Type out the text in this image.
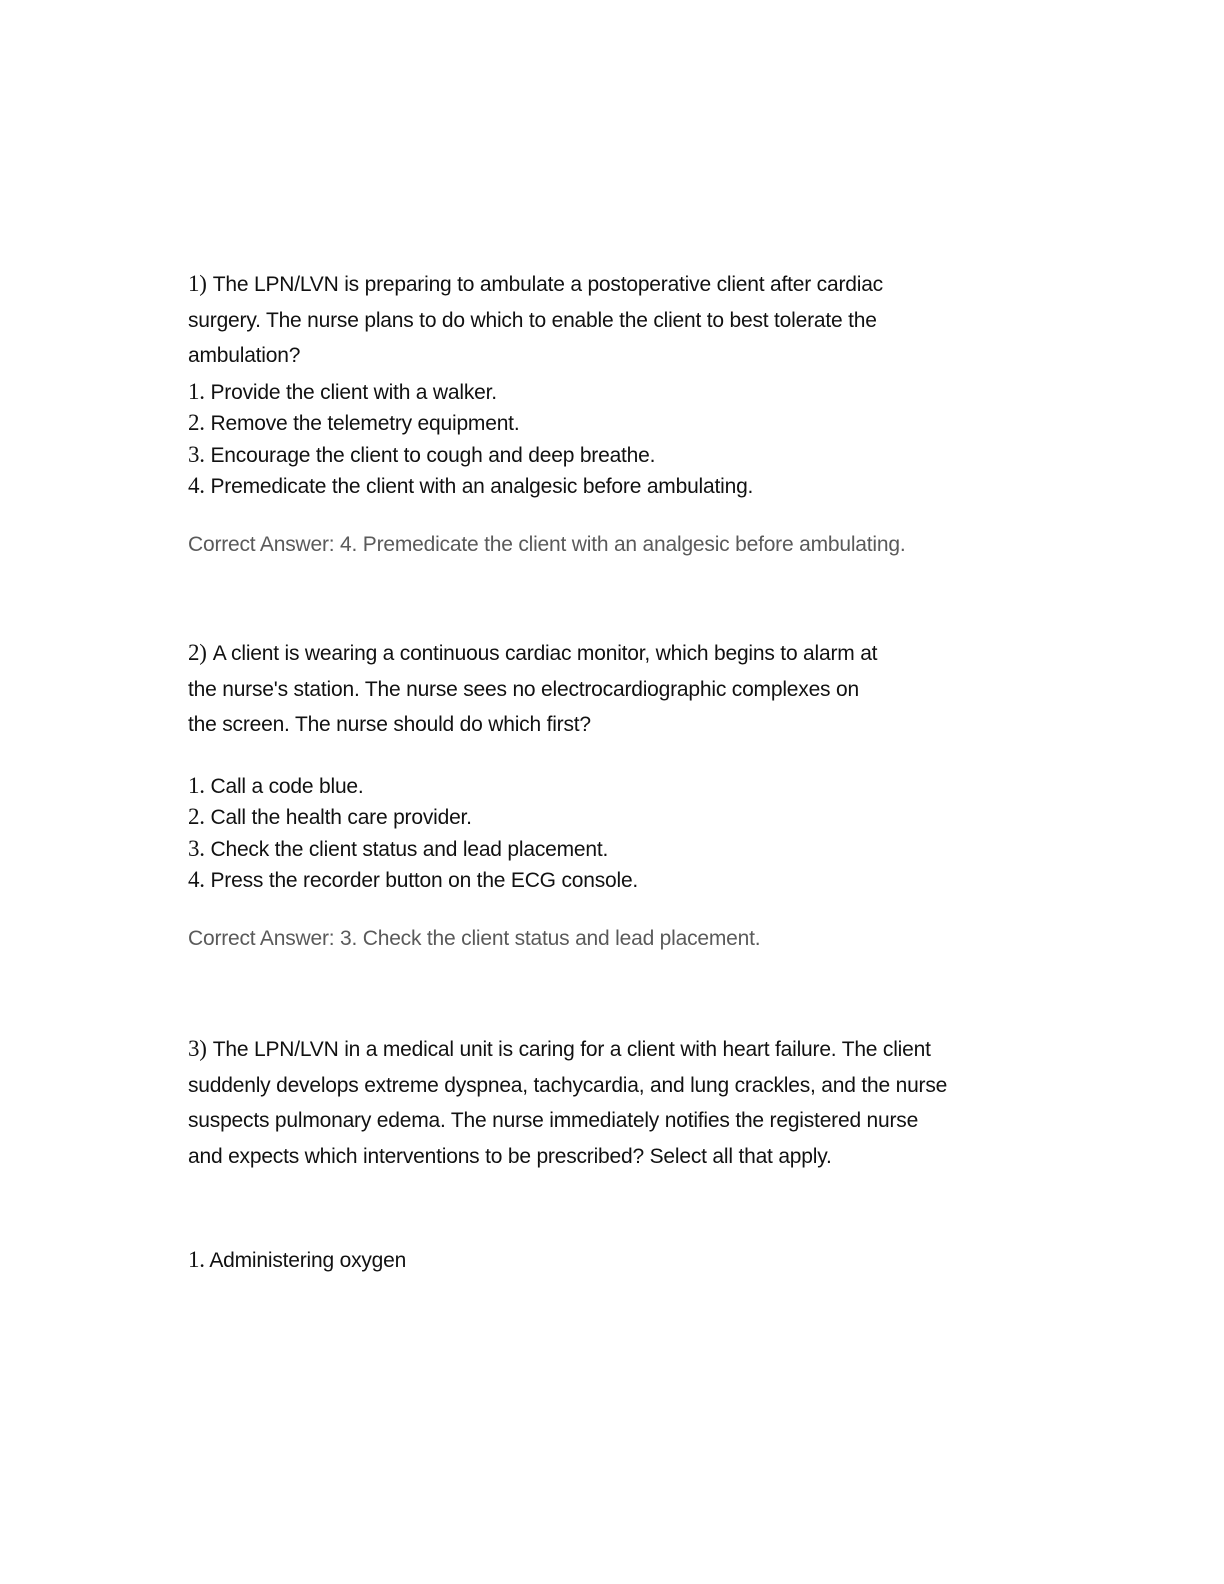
1) The LPN/LVN is preparing to ambulate a postoperative client after cardiac surgery. The nurse plans to do which to enable the client to best tolerate the ambulation?

1. Provide the client with a walker.
2. Remove the telemetry equipment.
3. Encourage the client to cough and deep breathe.
4. Premedicate the client with an analgesic before ambulating.

Correct Answer: 4. Premedicate the client with an analgesic before ambulating.

2) A client is wearing a continuous cardiac monitor, which begins to alarm at the nurse's station. The nurse sees no electrocardiographic complexes on the screen. The nurse should do which first?

1. Call a code blue.
2. Call the health care provider.
3. Check the client status and lead placement.
4. Press the recorder button on the ECG console.

Correct Answer: 3. Check the client status and lead placement.

3) The LPN/LVN in a medical unit is caring for a client with heart failure. The client suddenly develops extreme dyspnea, tachycardia, and lung crackles, and the nurse suspects pulmonary edema. The nurse immediately notifies the registered nurse and expects which interventions to be prescribed? Select all that apply.

1. Administering oxygen
